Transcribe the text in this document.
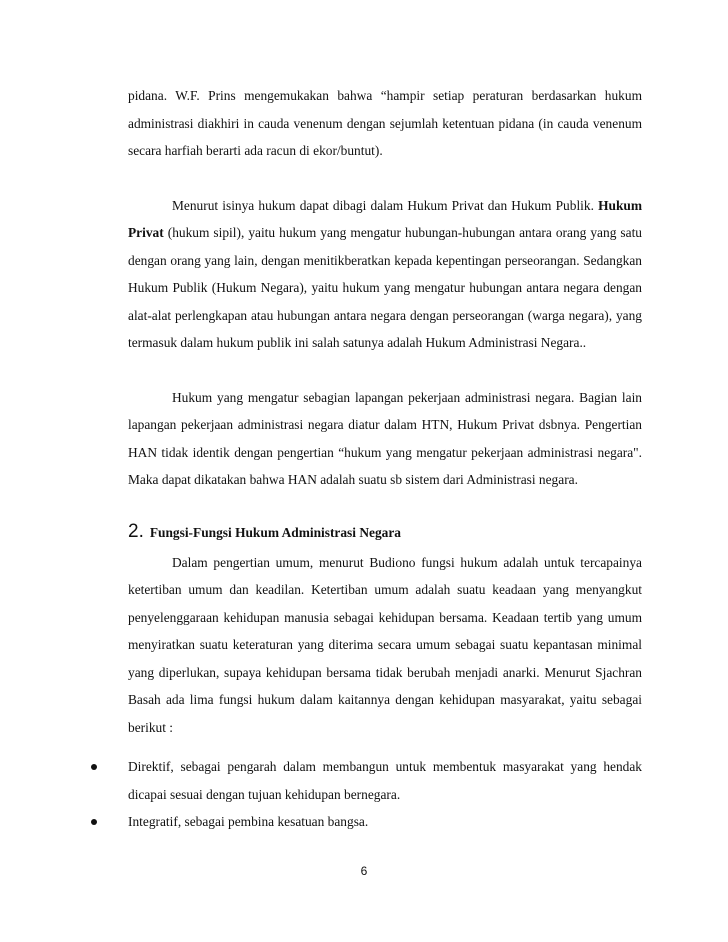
pidana. W.F. Prins mengemukakan bahwa “hampir setiap peraturan berdasarkan hukum administrasi diakhiri in cauda venenum dengan sejumlah ketentuan pidana (in cauda venenum secara harfiah berarti ada racun di ekor/buntut).

Menurut isinya hukum dapat dibagi dalam Hukum Privat dan Hukum Publik. Hukum Privat (hukum sipil), yaitu hukum yang mengatur hubungan-hubungan antara orang yang satu dengan orang yang lain, dengan menitikberatkan kepada kepentingan perseorangan. Sedangkan Hukum Publik (Hukum Negara), yaitu hukum yang mengatur hubungan antara negara dengan alat-alat perlengkapan atau hubungan antara negara dengan perseorangan (warga negara), yang termasuk dalam hukum publik ini salah satunya adalah Hukum Administrasi Negara..

Hukum yang mengatur sebagian lapangan pekerjaan administrasi negara. Bagian lain lapangan pekerjaan administrasi negara diatur dalam HTN, Hukum Privat dsbnya. Pengertian HAN tidak identik dengan pengertian “hukum yang mengatur pekerjaan administrasi negara". Maka dapat dikatakan bahwa HAN adalah suatu sb sistem dari Administrasi negara.

2. Fungsi-Fungsi Hukum Administrasi Negara

Dalam pengertian umum, menurut Budiono fungsi hukum adalah untuk tercapainya ketertiban umum dan keadilan. Ketertiban umum adalah suatu keadaan yang menyangkut penyelenggaraan kehidupan manusia sebagai kehidupan bersama. Keadaan tertib yang umum menyiratkan suatu keteraturan yang diterima secara umum sebagai suatu kepantasan minimal yang diperlukan, supaya kehidupan bersama tidak berubah menjadi anarki. Menurut Sjachran Basah ada lima fungsi hukum dalam kaitannya dengan kehidupan masyarakat, yaitu sebagai berikut :

Direktif, sebagai pengarah dalam membangun untuk membentuk masyarakat yang hendak dicapai sesuai dengan tujuan kehidupan bernegara.
Integratif, sebagai pembina kesatuan bangsa.
6
